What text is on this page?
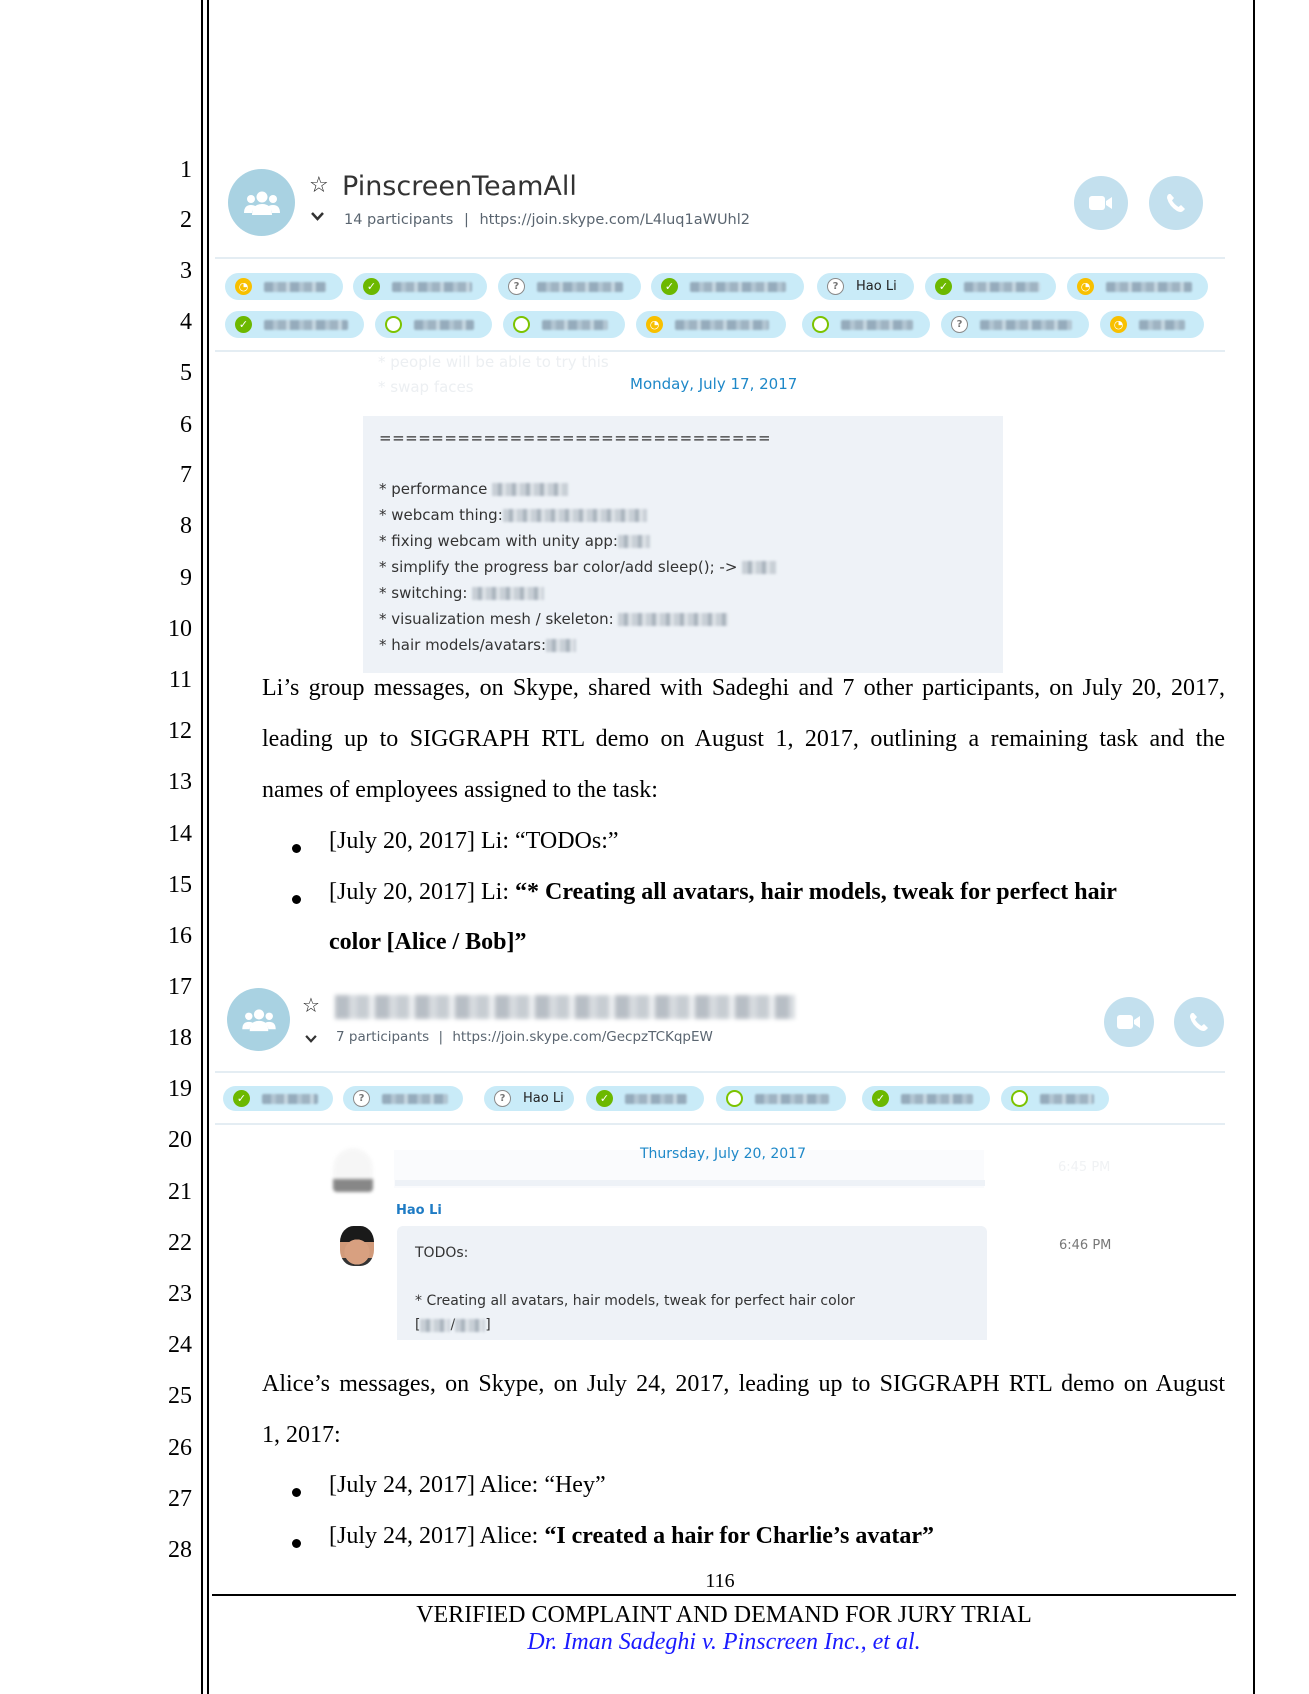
1
2
3
4
5
6
7
8
9
10
11
12
13
14
15
16
17
18
19
20
21
22
23
24
25
26
27
28
☆ PinscreenTeamAll
14 participants | https://join.skype.com/L4luq1aWUhl2
◔	✓	?	✓	?	Hao Li	✓	◔
✓	◔	?	◔
* people will be able to try this
* swap faces	Monday, July 17, 2017
==============================
* performance
* webcam thing:
* fixing webcam with unity app:
* simplify the progress bar color/add sleep(); ->
* switching:
* visualization mesh / skeleton:
* hair models/avatars:
Li’s group messages, on Skype, shared with Sadeghi and 7 other participants, on July 20, 2017,
leading up to SIGGRAPH RTL demo on August 1, 2017, outlining a remaining task and the
names of employees assigned to the task:
[July 20, 2017] Li: “TODOs:”
[July 20, 2017] Li: “* Creating all avatars, hair models, tweak for perfect hair
color [Alice / Bob]”
☆
7 participants | https://join.skype.com/GecpzTCKqpEW
✓	?	?	Hao Li	✓	✓
6:45 PM
Thursday, July 20, 2017
Hao Li
TODOs:
* Creating all avatars, hair models, tweak for perfect hair color
[ / ]
6:46 PM
Alice’s messages, on Skype, on July 24, 2017, leading up to SIGGRAPH RTL demo on August
1, 2017:
[July 24, 2017] Alice: “Hey”
[July 24, 2017] Alice: “I created a hair for Charlie’s avatar”
116
VERIFIED COMPLAINT AND DEMAND FOR JURY TRIAL
Dr. Iman Sadeghi v. Pinscreen Inc., et al.
